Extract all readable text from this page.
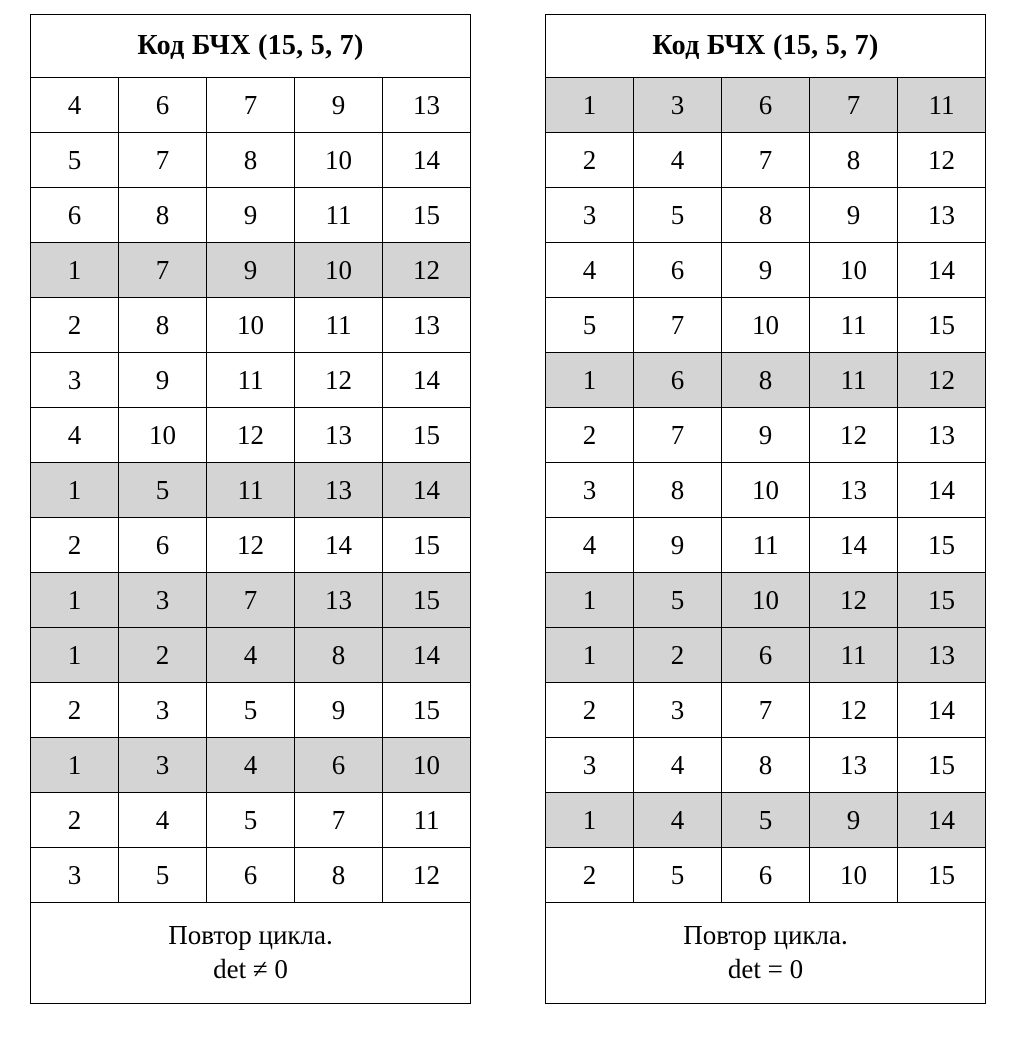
Код БЧХ (15, 5, 7)				
4	6	7	9	13
5	7	8	10	14
6	8	9	11	15
1	7	9	10	12
2	8	10	11	13
3	9	11	12	14
4	10	12	13	15
1	5	11	13	14
2	6	12	14	15
1	3	7	13	15
1	2	4	8	14
2	3	5	9	15
1	3	4	6	10
2	4	5	7	11
3	5	6	8	12

Повтор цикла.
det ≠ 0				
Код БЧХ (15, 5, 7)				
1	3	6	7	11
2	4	7	8	12
3	5	8	9	13
4	6	9	10	14
5	7	10	11	15
1	6	8	11	12
2	7	9	12	13
3	8	10	13	14
4	9	11	14	15
1	5	10	12	15
1	2	6	11	13
2	3	7	12	14
3	4	8	13	15
1	4	5	9	14
2	5	6	10	15

Повтор цикла.
det = 0				
